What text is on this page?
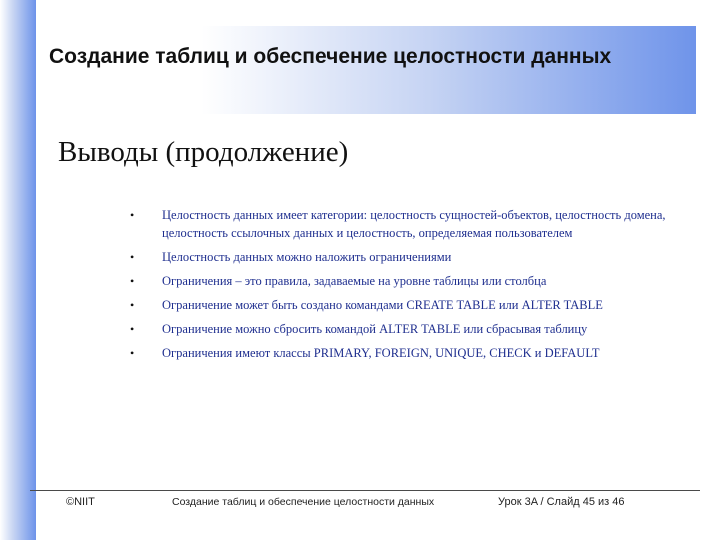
Создание таблиц и обеспечение целостности данных
Выводы (продолжение)
• Целостность данных имеет категории: целостность сущностей-объектов, целостность домена, целостность ссылочных данных и целостность, определяемая пользователем
• Целостность данных можно наложить ограничениями
• Ограничения – это правила, задаваемые на уровне таблицы или столбца
• Ограничение может быть создано командами CREATE TABLE или ALTER TABLE
• Ограничение можно сбросить командой ALTER TABLE или сбрасывая таблицу
• Ограничения имеют классы PRIMARY, FOREIGN, UNIQUE, CHECK и DEFAULT
©NIIT	Создание таблиц и обеспечение целостности данных	Урок 3A / Слайд 45 из 46
